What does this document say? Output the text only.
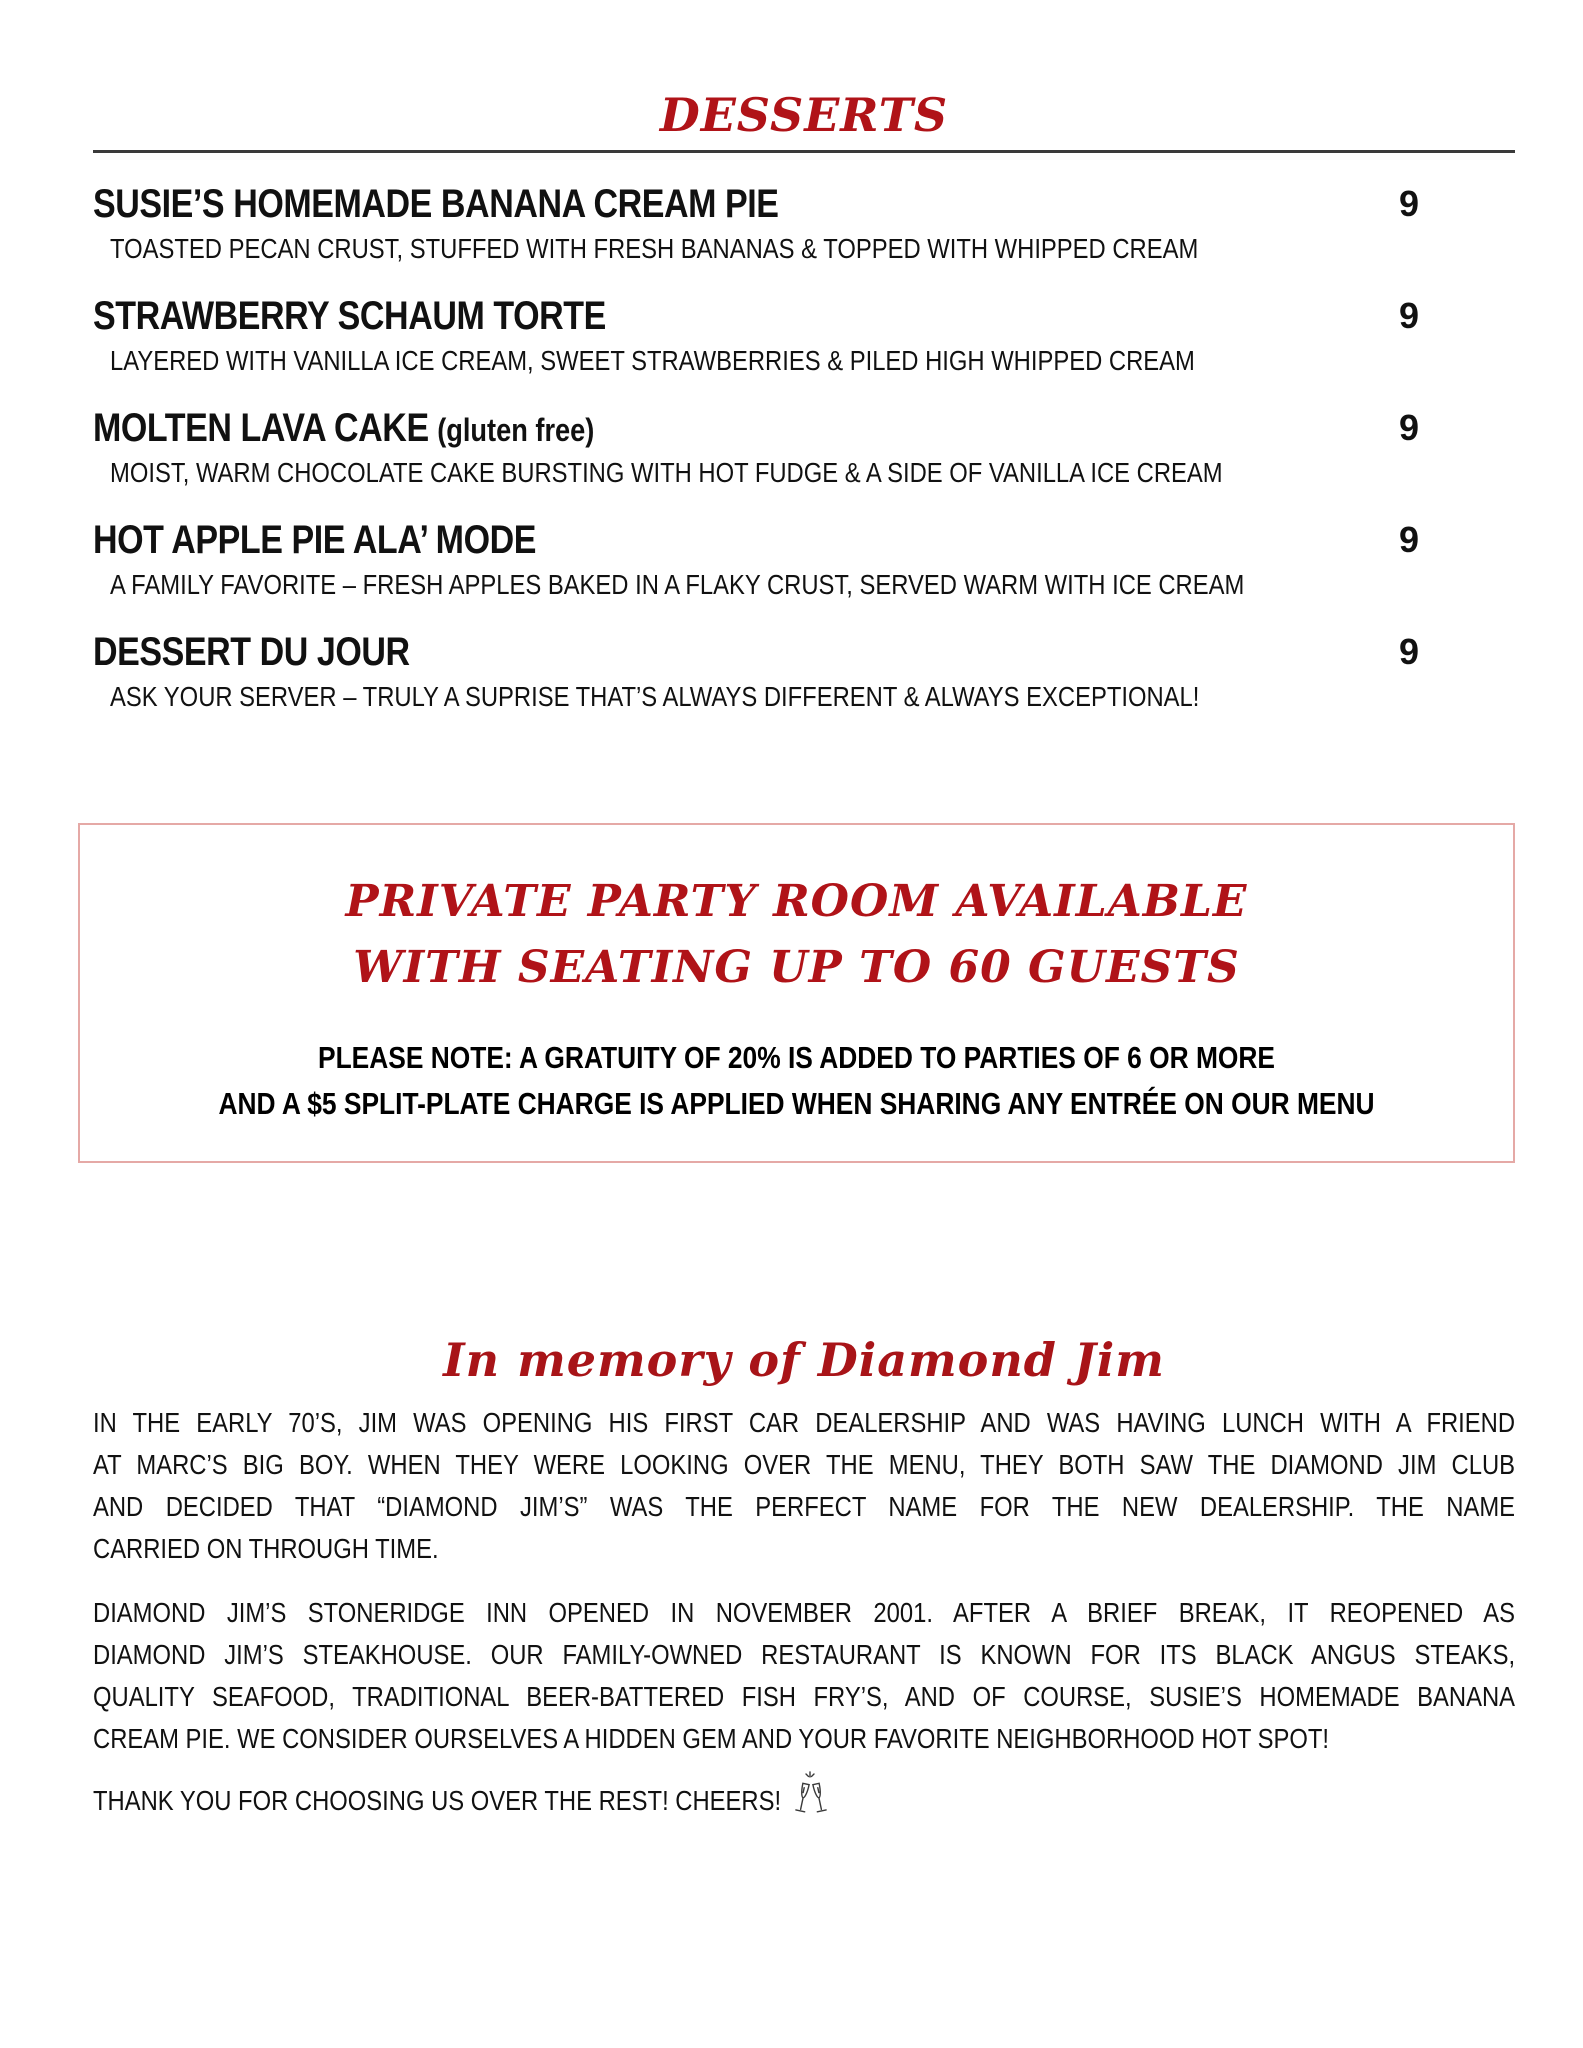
DESSERTS
SUSIE’S HOMEMADE BANANA CREAM PIE	9
TOASTED PECAN CRUST, STUFFED WITH FRESH BANANAS & TOPPED WITH WHIPPED CREAM
STRAWBERRY SCHAUM TORTE	9
LAYERED WITH VANILLA ICE CREAM, SWEET STRAWBERRIES & PILED HIGH WHIPPED CREAM
MOLTEN LAVA CAKE (gluten free)	9
MOIST, WARM CHOCOLATE CAKE BURSTING WITH HOT FUDGE & A SIDE OF VANILLA ICE CREAM
HOT APPLE PIE ALA’ MODE	9
A FAMILY FAVORITE – FRESH APPLES BAKED IN A FLAKY CRUST, SERVED WARM WITH ICE CREAM
DESSERT DU JOUR	9
ASK YOUR SERVER – TRULY A SUPRISE THAT’S ALWAYS DIFFERENT & ALWAYS EXCEPTIONAL!
PRIVATE PARTY ROOM AVAILABLE
WITH SEATING UP TO 60 GUESTS
PLEASE NOTE: A GRATUITY OF 20% IS ADDED TO PARTIES OF 6 OR MORE
AND A $5 SPLIT-PLATE CHARGE IS APPLIED WHEN SHARING ANY ENTRÉE ON OUR MENU
In memory of Diamond Jim
IN THE EARLY 70’S, JIM WAS OPENING HIS FIRST CAR DEALERSHIP AND WAS HAVING LUNCH WITH A FRIEND
AT MARC’S BIG BOY. WHEN THEY WERE LOOKING OVER THE MENU, THEY BOTH SAW THE DIAMOND JIM CLUB
AND DECIDED THAT “DIAMOND JIM’S” WAS THE PERFECT NAME FOR THE NEW DEALERSHIP. THE NAME
CARRIED ON THROUGH TIME.
DIAMOND JIM’S STONERIDGE INN OPENED IN NOVEMBER 2001. AFTER A BRIEF BREAK, IT REOPENED AS
DIAMOND JIM’S STEAKHOUSE. OUR FAMILY-OWNED RESTAURANT IS KNOWN FOR ITS BLACK ANGUS STEAKS,
QUALITY SEAFOOD, TRADITIONAL BEER-BATTERED FISH FRY’S, AND OF COURSE, SUSIE’S HOMEMADE BANANA
CREAM PIE. WE CONSIDER OURSELVES A HIDDEN GEM AND YOUR FAVORITE NEIGHBORHOOD HOT SPOT!
THANK YOU FOR CHOOSING US OVER THE REST! CHEERS!
